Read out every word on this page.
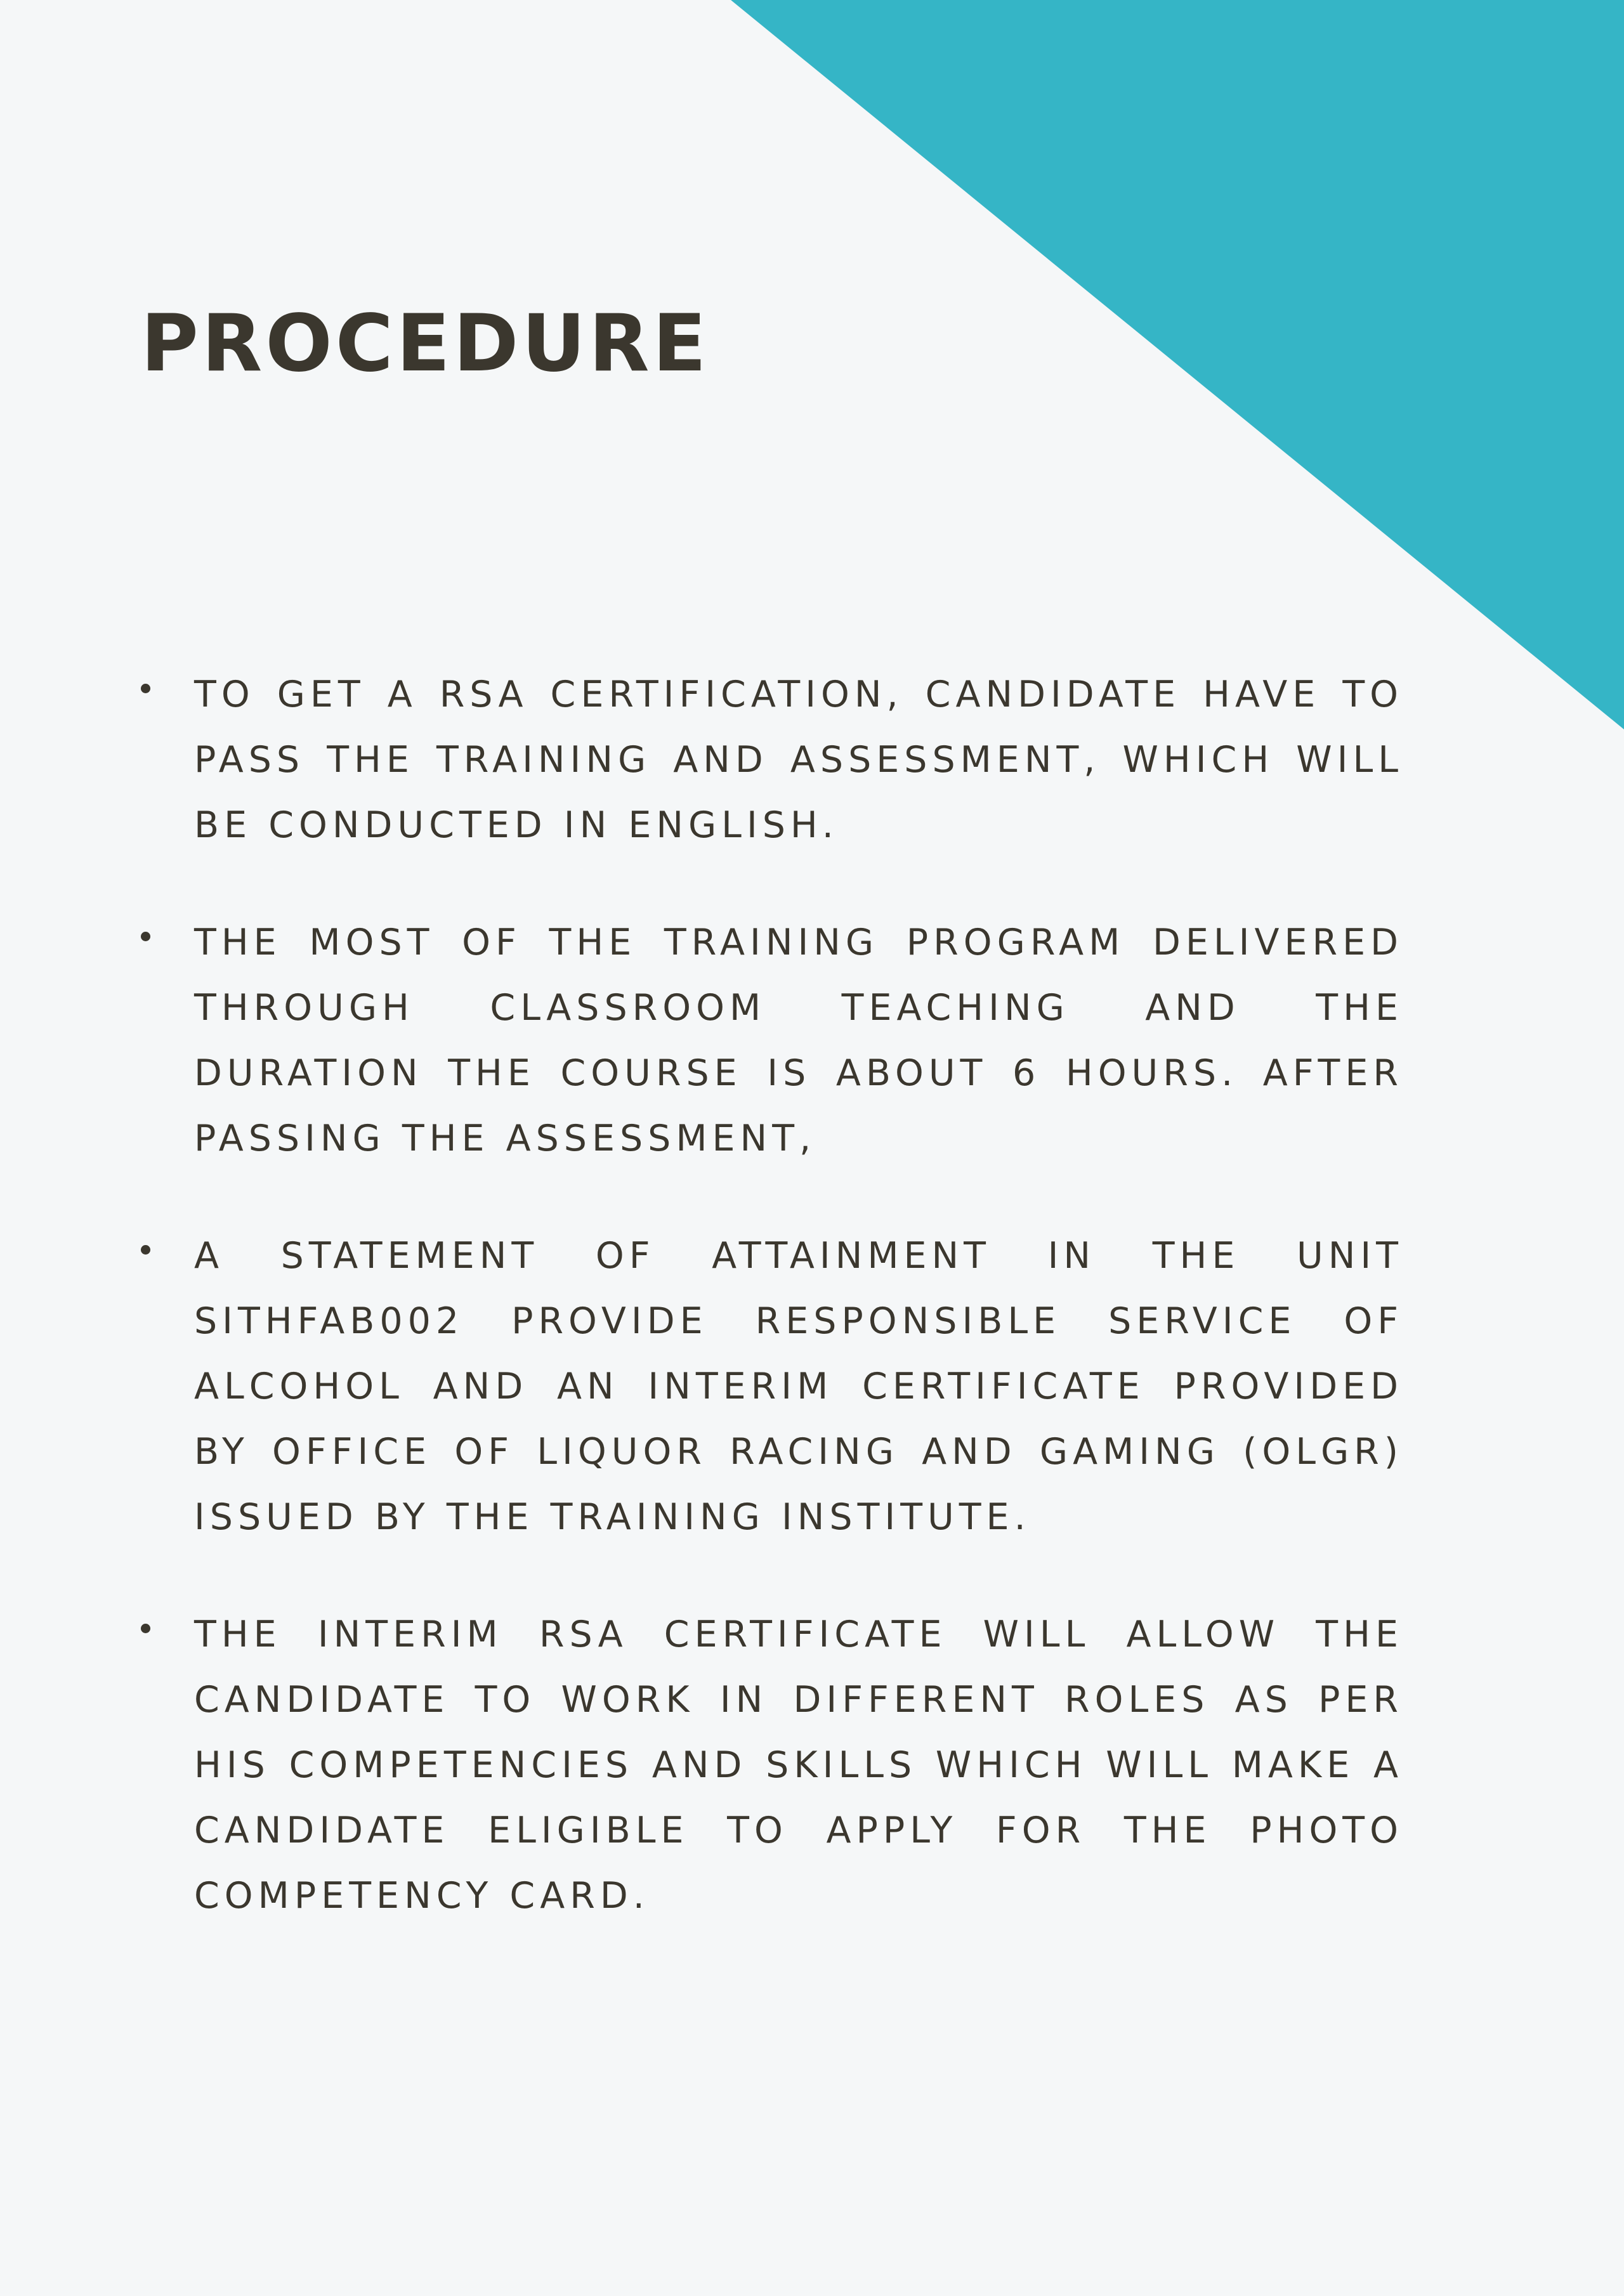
PROCEDURE
TO GET A RSA CERTIFICATION, CANDIDATE HAVE TO PASS THE TRAINING AND ASSESSMENT, WHICH WILL BE CONDUCTED IN ENGLISH.
THE MOST OF THE TRAINING PROGRAM DELIVERED THROUGH CLASSROOM TEACHING AND THE DURATION THE COURSE IS ABOUT 6 HOURS. AFTER PASSING THE ASSESSMENT,
A STATEMENT OF ATTAINMENT IN THE UNIT SITHFAB002 PROVIDE RESPONSIBLE SERVICE OF ALCOHOL AND AN INTERIM CERTIFICATE PROVIDED BY OFFICE OF LIQUOR RACING AND GAMING (OLGR) ISSUED BY THE TRAINING INSTITUTE.
THE INTERIM RSA CERTIFICATE WILL ALLOW THE CANDIDATE TO WORK IN DIFFERENT ROLES AS PER HIS COMPETENCIES AND SKILLS WHICH WILL MAKE A CANDIDATE ELIGIBLE TO APPLY FOR THE PHOTO COMPETENCY CARD.
